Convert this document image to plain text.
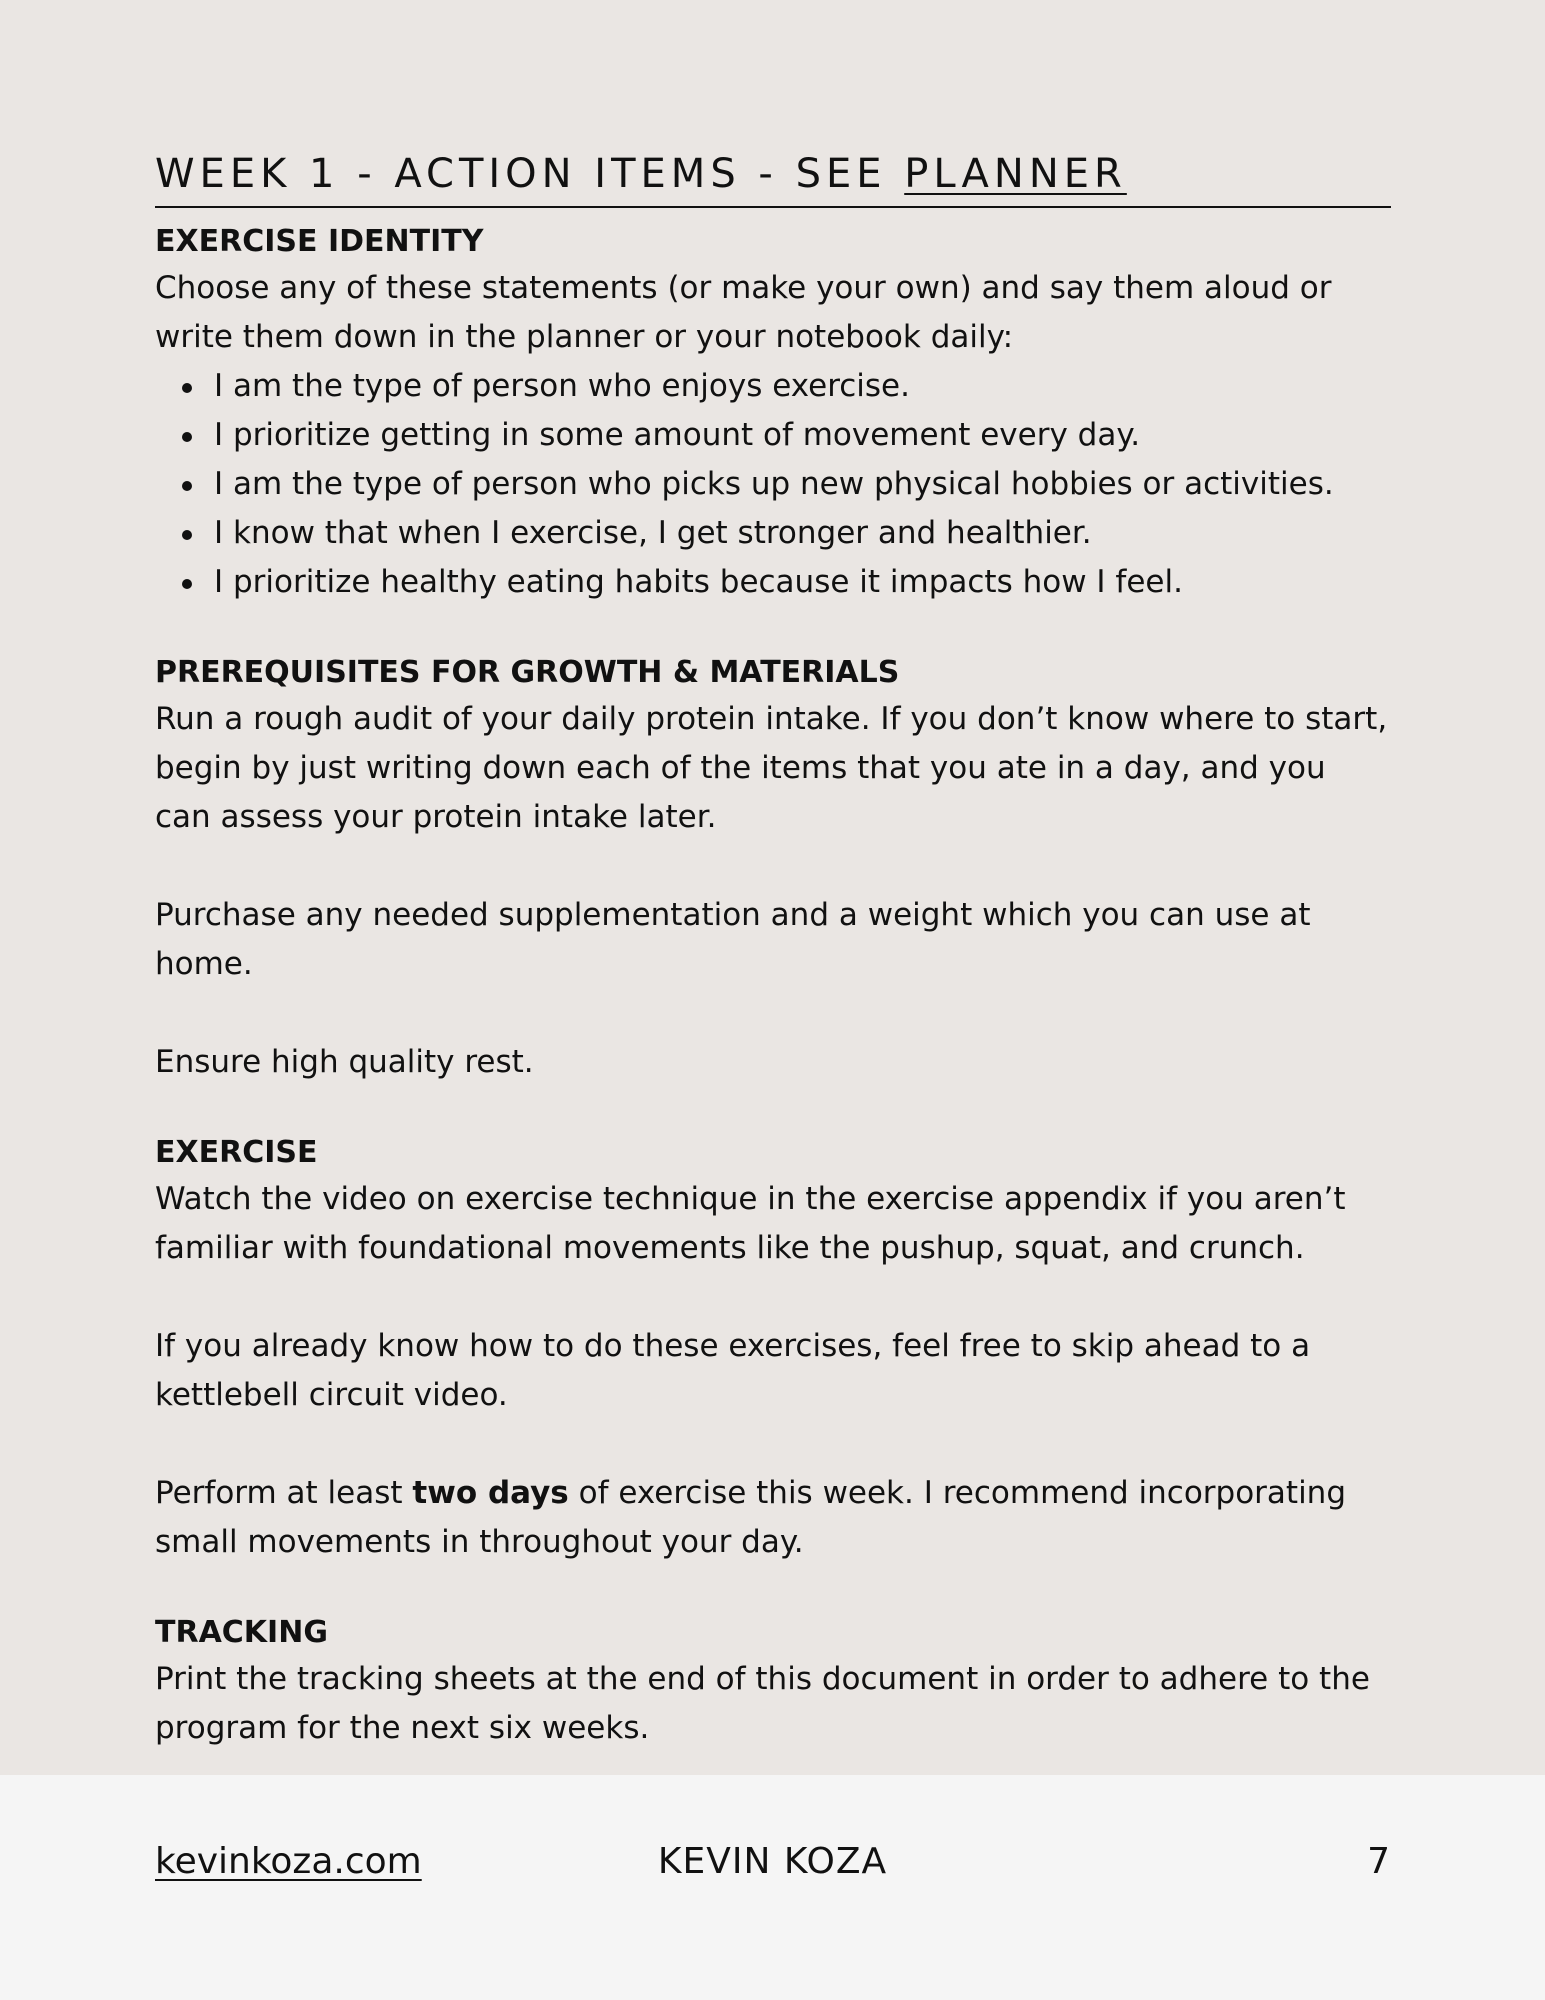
WEEK 1 - ACTION ITEMS - SEE PLANNER
EXERCISE IDENTITY

Choose any of these statements (or make your own) and say them aloud or write them down in the planner or your notebook daily:

I am the type of person who enjoys exercise.
I prioritize getting in some amount of movement every day.
I am the type of person who picks up new physical hobbies or activities.
I know that when I exercise, I get stronger and healthier.
I prioritize healthy eating habits because it impacts how I feel.
PREREQUISITES FOR GROWTH & MATERIALS

Run a rough audit of your daily protein intake. If you don’t know where to start, begin by just writing down each of the items that you ate in a day, and you can assess your protein intake later.

Purchase any needed supplementation and a weight which you can use at home.

Ensure high quality rest.

EXERCISE

Watch the video on exercise technique in the exercise appendix if you aren’t familiar with foundational movements like the pushup, squat, and crunch.

If you already know how to do these exercises, feel free to skip ahead to a kettlebell circuit video.

Perform at least two days of exercise this week. I recommend incorporating small movements in throughout your day.

TRACKING

Print the tracking sheets at the end of this document in order to adhere to the program for the next six weeks.

kevinkoza.com	KEVIN KOZA	7
